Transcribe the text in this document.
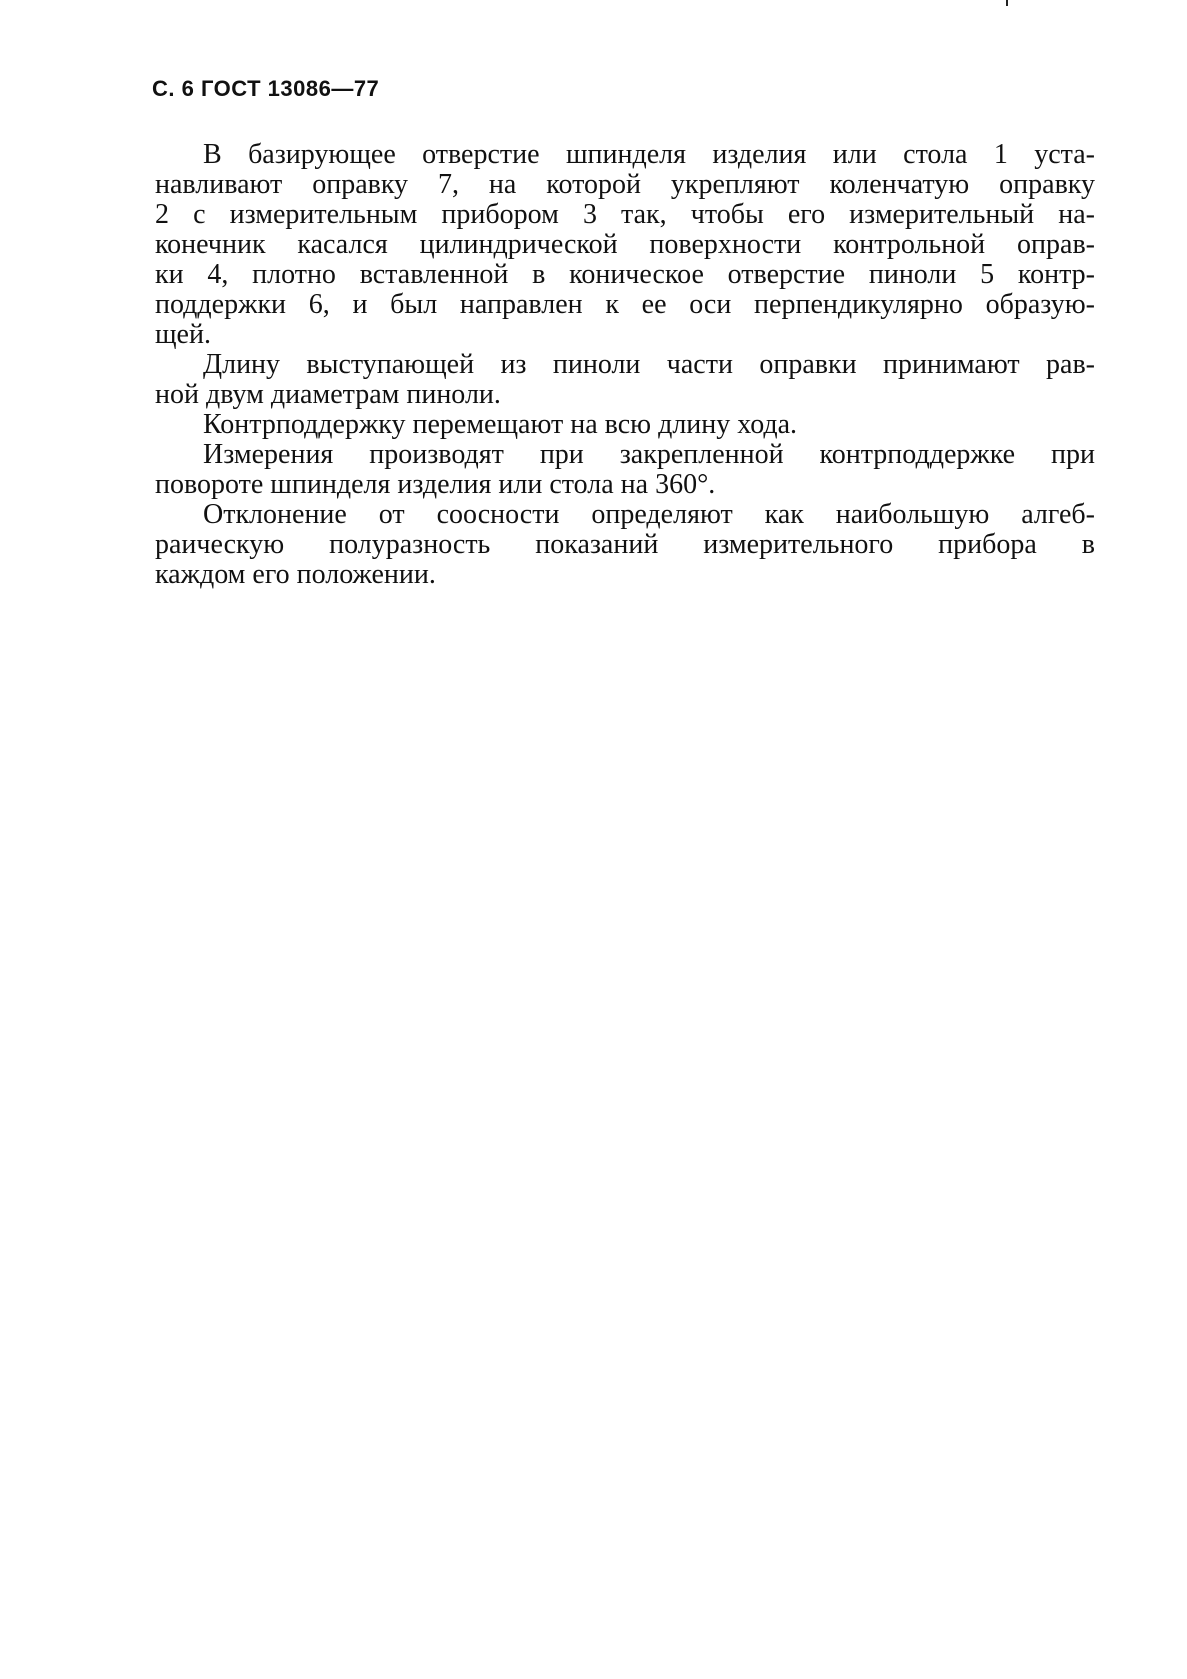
С. 6 ГОСТ 13086—77
В базирующее отверстие шпинделя изделия или стола 1 уста-
навливают оправку 7, на которой укрепляют коленчатую оправку
2 с измерительным прибором 3 так, чтобы его измерительный на-
конечник касался цилиндрической поверхности контрольной оправ-
ки 4, плотно вставленной в коническое отверстие пиноли 5 контр-
поддержки 6, и был направлен к ее оси перпендикулярно образую-
щей.
Длину выступающей из пиноли части оправки принимают рав-
ной двум диаметрам пиноли.
Контрподдержку перемещают на всю длину хода.
Измерения производят при закрепленной контрподдержке при
повороте шпинделя изделия или стола на 360°.
Отклонение от соосности определяют как наибольшую алгеб-
раическую полуразность показаний измерительного прибора в
каждом его положении.
